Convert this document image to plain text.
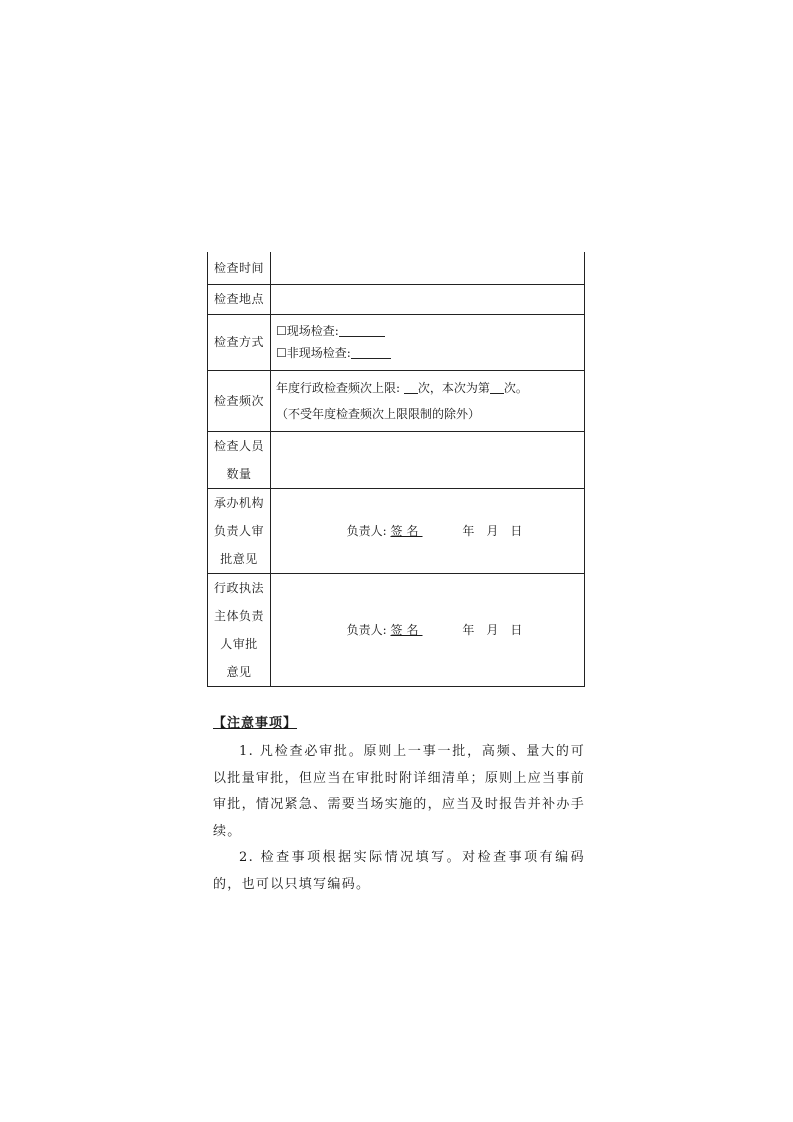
检查时间	
检查地点	
检查方式	☐现场检查:
☐非现场检查:

检查频次	年度行政检查频次上限: 次，本次为第 次。
（不受年度检查频次上限限制的除外）

检查人员
数量	

承办机构
负责人审
批意见	负责人: 签名 年 月 日

行政执法
主体负责
人审批
意见	负责人: 签名 年 月 日
【注意事项】

1. 凡检查必审批。原则上一事一批，高频、量大的可以批量审批，但应当在审批时附详细清单；原则上应当事前审批，情况紧急、需要当场实施的，应当及时报告并补办手续。

2. 检查事项根据实际情况填写。对检查事项有编码的，也可以只填写编码。
